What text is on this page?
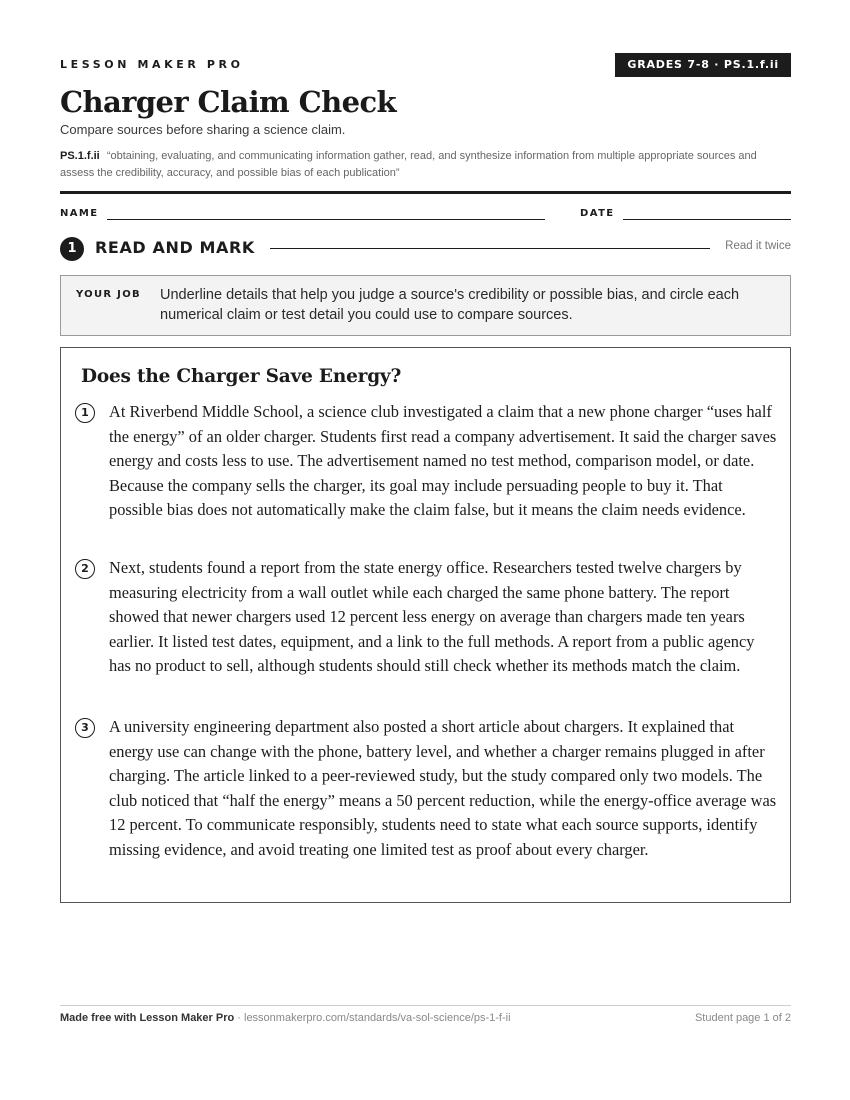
LESSON MAKER PRO	GRADES 7-8 · PS.1.f.ii
Charger Claim Check
Compare sources before sharing a science claim.
PS.1.f.ii “obtaining, evaluating, and communicating information gather, read, and synthesize information from multiple appropriate sources and assess the credibility, accuracy, and possible bias of each publication”
NAME	DATE
1	READ AND MARK	Read it twice
YOUR JOB Underline details that help you judge a source's credibility or possible bias, and circle each numerical claim or test detail you could use to compare sources.
Does the Charger Save Energy?
1	At Riverbend Middle School, a science club investigated a claim that a new phone charger “uses half the energy” of an older charger. Students first read a company advertisement. It said the charger saves energy and costs less to use. The advertisement named no test method, comparison model, or date. Because the company sells the charger, its goal may include persuading people to buy it. That possible bias does not automatically make the claim false, but it means the claim needs evidence.

2	Next, students found a report from the state energy office. Researchers tested twelve chargers by measuring electricity from a wall outlet while each charged the same phone battery. The report showed that newer chargers used 12 percent less energy on average than chargers made ten years earlier. It listed test dates, equipment, and a link to the full methods. A report from a public agency has no product to sell, although students should still check whether its methods match the claim.

3	A university engineering department also posted a short article about chargers. It explained that energy use can change with the phone, battery level, and whether a charger remains plugged in after charging. The article linked to a peer-reviewed study, but the study compared only two models. The club noticed that “half the energy” means a 50 percent reduction, while the energy-office average was 12 percent. To communicate responsibly, students need to state what each source supports, identify missing evidence, and avoid treating one limited test as proof about every charger.

Made free with Lesson Maker Pro · lessonmakerpro.com/standards/va-sol-science/ps-1-f-ii	Student page 1 of 2
